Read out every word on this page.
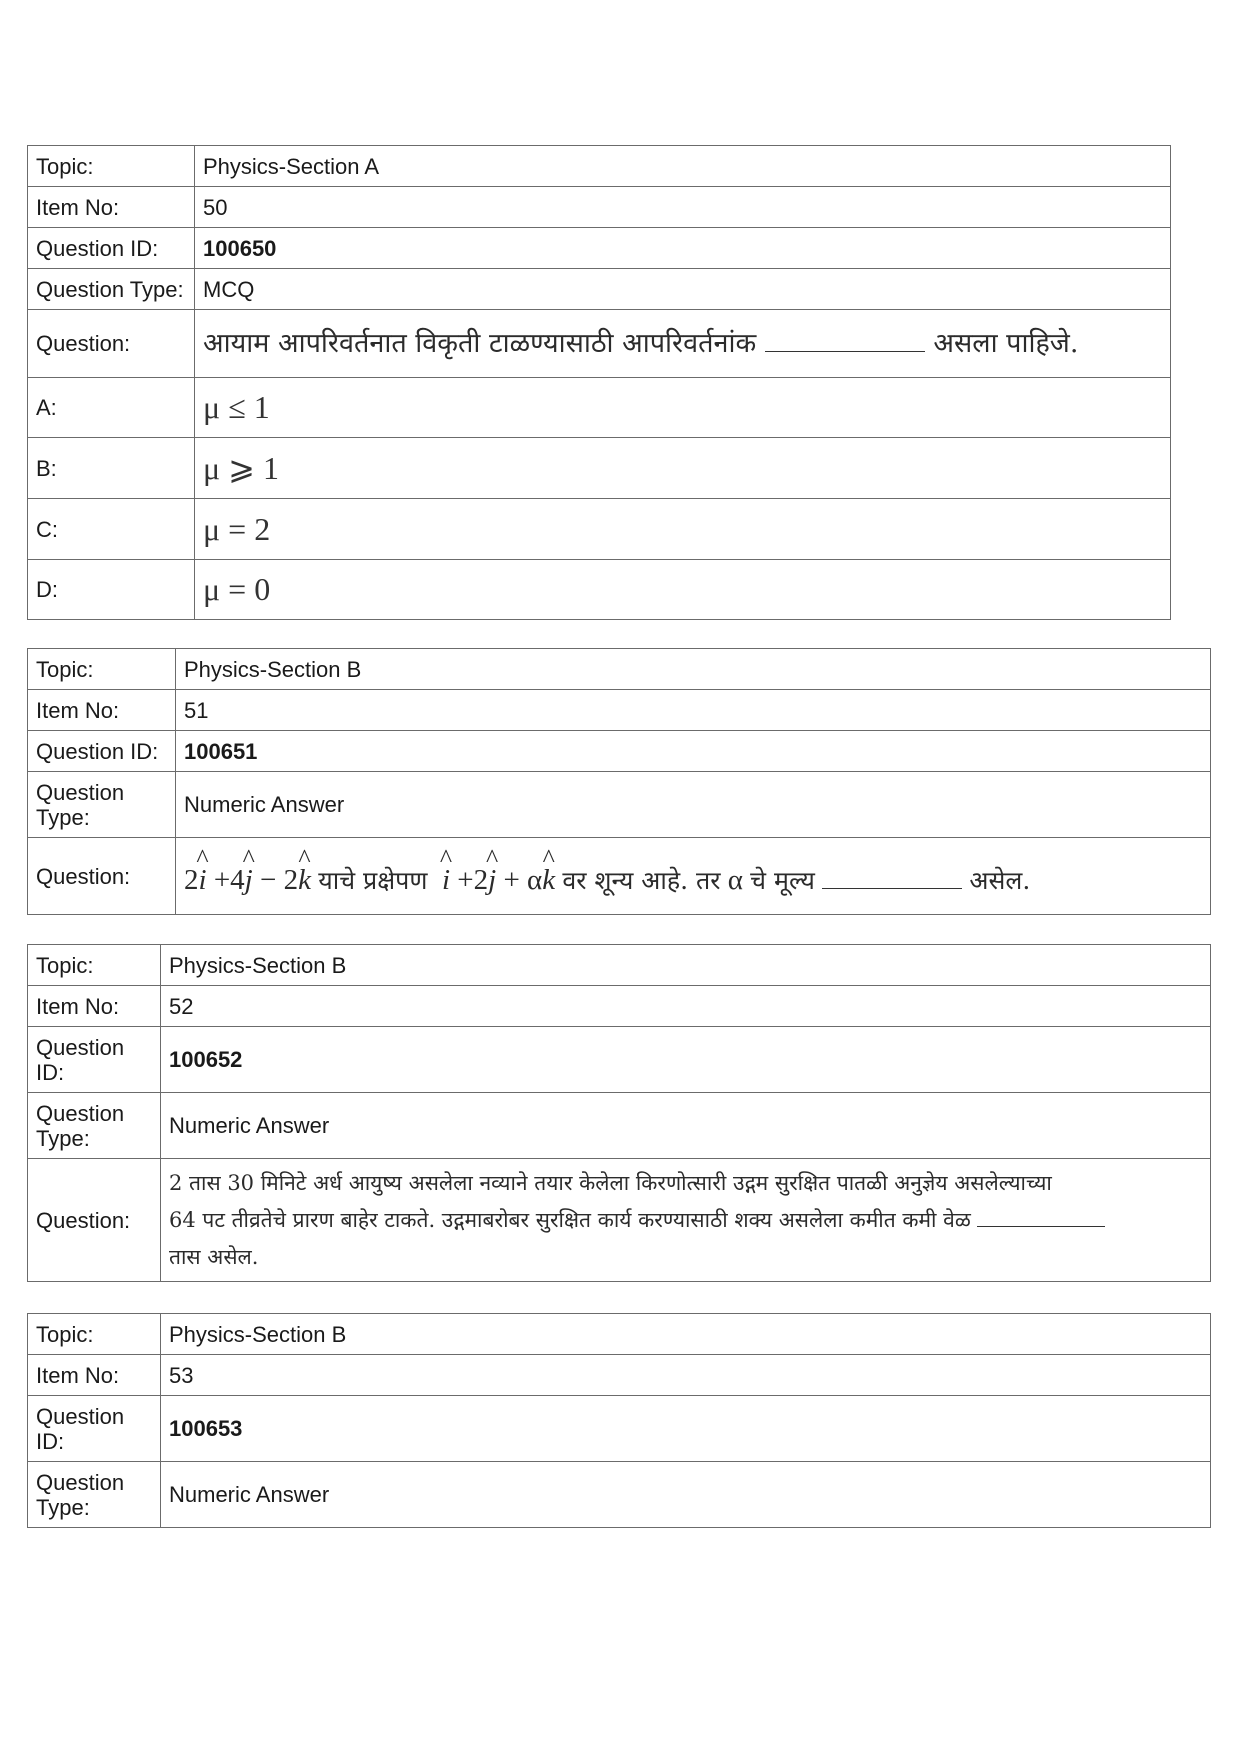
Topic:	Physics-Section A
Item No:	50
Question ID:	100650
Question Type:	MCQ
Question:	आयाम आपरिवर्तनात विकृती टाळण्यासाठी आपरिवर्तनांक असला पाहिजे.
A:	μ ≤ 1
B:	μ ⩾ 1
C:	μ = 2
D:	μ = 0
Topic:	Physics-Section B
Item No:	51
Question ID:	100651
Question Type:	Numeric Answer
Question:	2^ i +4^ j − 2^ k याचे प्रक्षेपण ^ i +2^ j + α^ k वर शून्य आहे. तर α चे मूल्य असेल.
Topic:	Physics-Section B
Item No:	52
Question ID:	100652
Question Type:	Numeric Answer
Question:	2 तास 30 मिनिटे अर्ध आयुष्य असलेला नव्याने तयार केलेला किरणोत्सारी उद्गम सुरक्षित पातळी अनुज्ञेय असलेल्याच्या
64 पट तीव्रतेचे प्रारण बाहेर टाकते. उद्गमाबरोबर सुरक्षित कार्य करण्यासाठी शक्य असलेला कमीत कमी वेळ
तास असेल.
Topic:	Physics-Section B
Item No:	53
Question ID:	100653
Question Type:	Numeric Answer
